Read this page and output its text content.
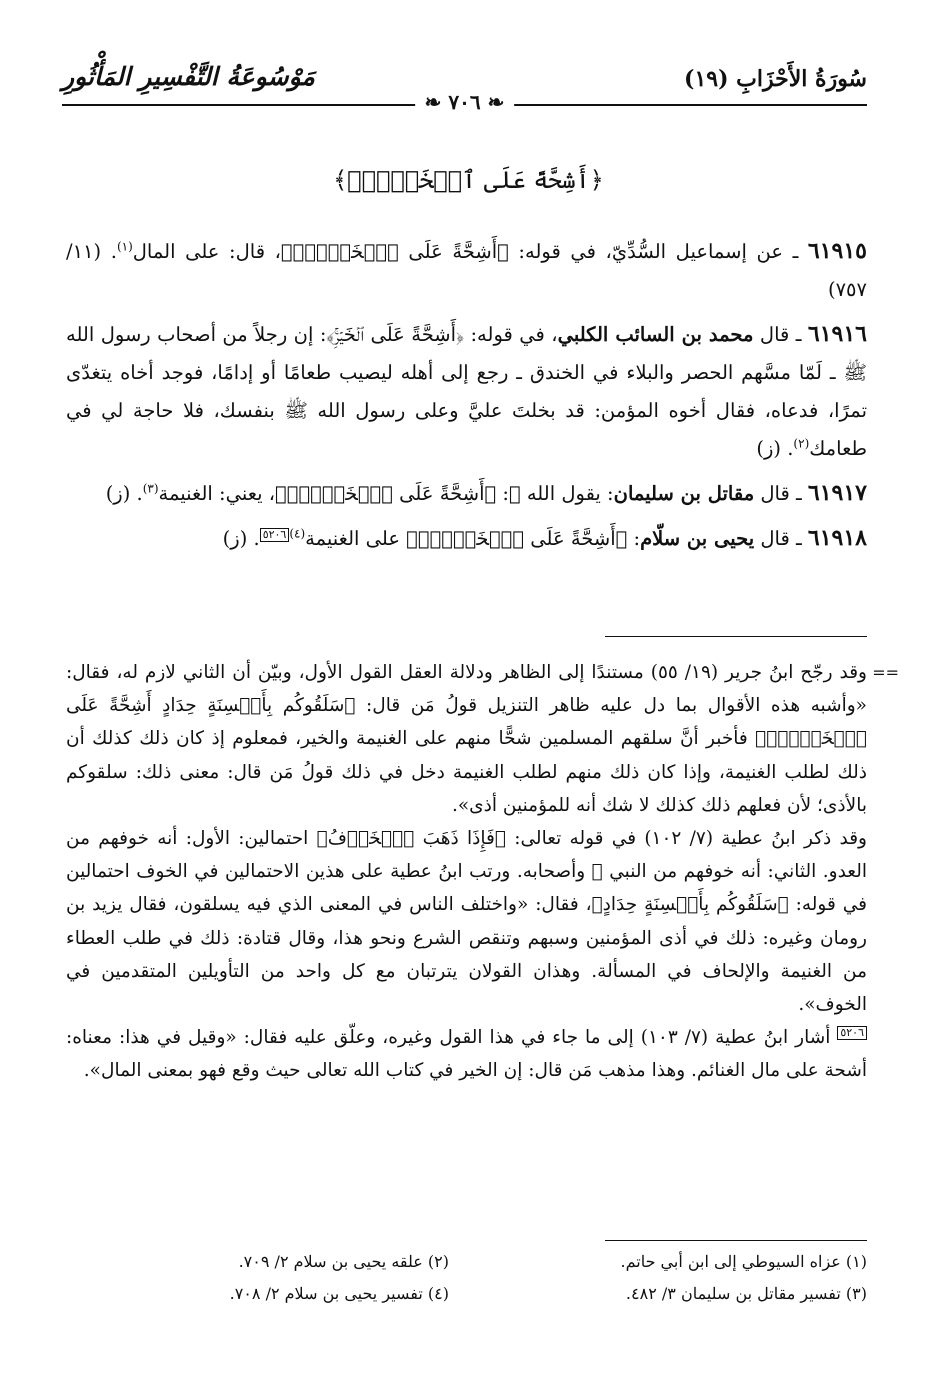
سُورَةُ الأَحْزَابِ (١٩)
مَوْسُوعَةُ التَّفْسِيرِ المَأْثُورِ
❧ ٧٠٦ ❧
﴿أَشِحَّةً عَلَى ٱلۡخَيۡرِۚ﴾

٦١٩١٥ ـ عن إسماعيل السُّدِّيّ، في قوله: ﴿أَشِحَّةً عَلَى ٱلۡخَيۡرِۚ﴾، قال: على المال$^{(١)}$. (١١/ ٧٥٧)

٦١٩١٦ ـ قال محمد بن السائب الكلبي، في قوله: ﴿أَشِحَّةً عَلَى ٱلۡخَيۡرِۚ﴾: إن رجلاً من أصحاب رسول الله ﷺ ـ لَمّا مسَّهم الحصر والبلاء في الخندق ـ رجع إلى أهله ليصيب طعامًا أو إدامًا، فوجد أخاه يتغدّى تمرًا، فدعاه، فقال أخوه المؤمن: قد بخلتَ عليَّ وعلى رسول الله ﷺ بنفسك، فلا حاجة لي في طعامك$^{(٢)}$. (ز)

٦١٩١٧ ـ قال مقاتل بن سليمان: يقول الله ﷻ: ﴿أَشِحَّةً عَلَى ٱلۡخَيۡرِۚ﴾، يعني: الغنيمة$^{(٣)}$. (ز)

٦١٩١٨ ـ قال يحيى بن سلّام: ﴿أَشِحَّةً عَلَى ٱلۡخَيۡرِۚ﴾ على الغنيمة$^{(٤)}$٥٢٠٦. (ز)

==

وقد رجّح ابنُ جرير (١٩/ ٥٥) مستندًا إلى الظاهر ودلالة العقل القول الأول، وبيّن أن الثاني لازم له، فقال: «وأشبه هذه الأقوال بما دل عليه ظاهر التنزيل قولُ مَن قال: ﴿سَلَقُوكُم بِأَلۡسِنَةٍ حِدَادٍ أَشِحَّةً عَلَى ٱلۡخَيۡرِۚ﴾ فأخبر أنَّ سلقهم المسلمين شحًّا منهم على الغنيمة والخير، فمعلوم إذ كان ذلك كذلك أن ذلك لطلب الغنيمة، وإذا كان ذلك منهم لطلب الغنيمة دخل في ذلك قولُ مَن قال: معنى ذلك: سلقوكم بالأذى؛ لأن فعلهم ذلك كذلك لا شك أنه للمؤمنين أذى».

وقد ذكر ابنُ عطية (٧/ ١٠٢) في قوله تعالى: ﴿فَإِذَا ذَهَبَ ٱلۡخَوۡفُ﴾ احتمالين: الأول: أنه خوفهم من العدو. الثاني: أنه خوفهم من النبي ﷺ وأصحابه. ورتب ابنُ عطية على هذين الاحتمالين في الخوف احتمالين في قوله: ﴿سَلَقُوكُم بِأَلۡسِنَةٍ حِدَادٍ﴾، فقال: «واختلف الناس في المعنى الذي فيه يسلقون، فقال يزيد بن رومان وغيره: ذلك في أذى المؤمنين وسبهم وتنقص الشرع ونحو هذا، وقال قتادة: ذلك في طلب العطاء من الغنيمة والإلحاف في المسألة. وهذان القولان يترتبان مع كل واحد من التأويلين المتقدمين في الخوف».

٥٢٠٦ أشار ابنُ عطية (٧/ ١٠٣) إلى ما جاء في هذا القول وغيره، وعلّق عليه فقال: «وقيل في هذا: معناه: أشحة على مال الغنائم. وهذا مذهب مَن قال: إن الخير في كتاب الله تعالى حيث وقع فهو بمعنى المال».

(١) عزاه السيوطي إلى ابن أبي حاتم.
(٢) علقه يحيى بن سلام ٢/ ٧٠٩.
(٣) تفسير مقاتل بن سليمان ٣/ ٤٨٢.
(٤) تفسير يحيى بن سلام ٢/ ٧٠٨.
